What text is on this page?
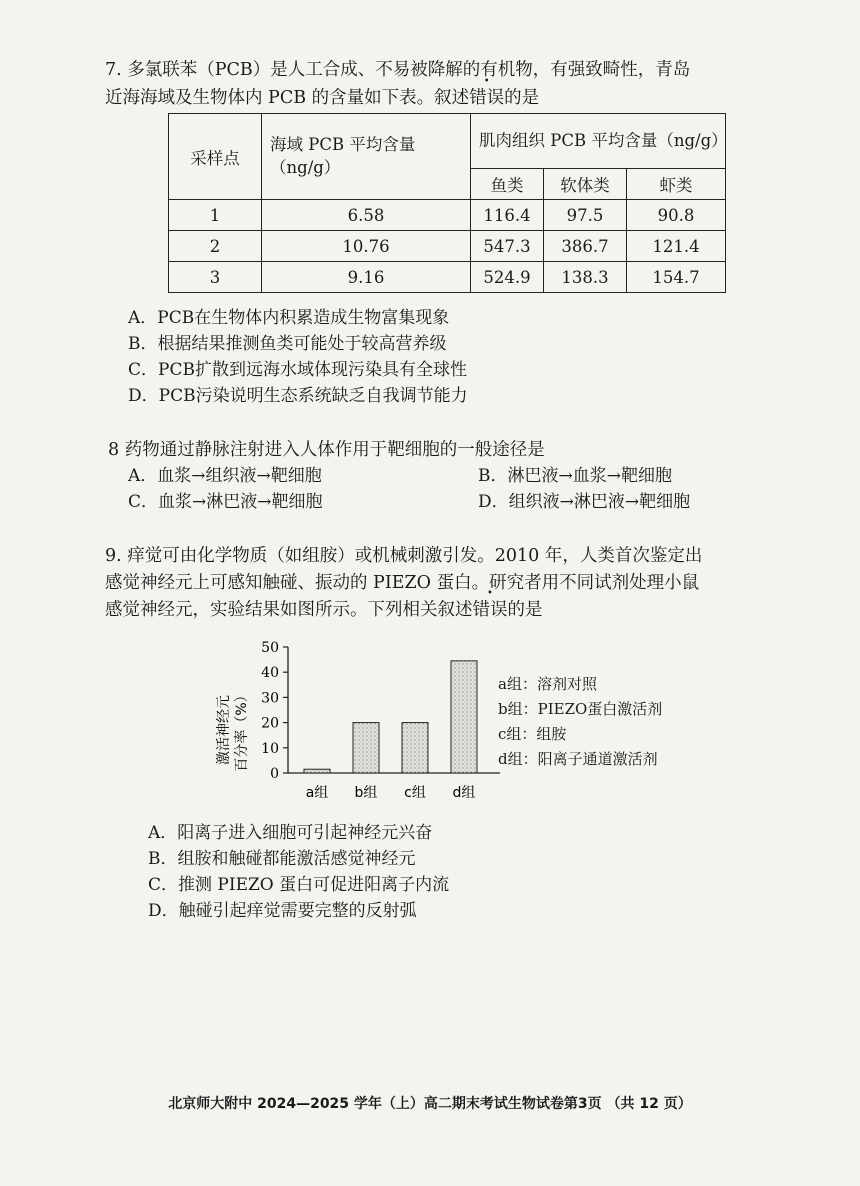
7. 多氯联苯（PCB）是人工合成、不易被降解的有机物，有强致畸性，青岛
近海海域及生物体内 PCB 的含量如下表。叙述错误的是
采样点	海域 PCB 平均含量（ng/g）	肌肉组织 PCB 平均含量（ng/g）		
		鱼类	软体类	虾类
1	6.58	116.4	97.5	90.8
2	10.76	547.3	386.7	121.4
3	9.16	524.9	138.3	154.7
A．PCB在生物体内积累造成生物富集现象
B．根据结果推测鱼类可能处于较高营养级
C．PCB扩散到远海水域体现污染具有全球性
D．PCB污染说明生态系统缺乏自我调节能力
8 药物通过静脉注射进入人体作用于靶细胞的一般途径是
A．血浆→组织液→靶细胞	B．淋巴液→血浆→靶细胞
C．血浆→淋巴液→靶细胞	D．组织液→淋巴液→靶细胞
9. 痒觉可由化学物质（如组胺）或机械刺激引发。2010 年，人类首次鉴定出
感觉神经元上可感知触碰、振动的 PIEZO 蛋白。研究者用不同试剂处理小鼠
感觉神经元，实验结果如图所示。下列相关叙述错误的是
激活神经元 百分率（%）
0
10
20
30
40
50
a组 b组 c组 d组
a组：溶剂对照
b组：PIEZO蛋白激活剂
c组：组胺
d组：阳离子通道激活剂
A．阳离子进入细胞可引起神经元兴奋
B．组胺和触碰都能激活感觉神经元
C．推测 PIEZO 蛋白可促进阳离子内流
D．触碰引起痒觉需要完整的反射弧
北京师大附中 2024—2025 学年（上）高二期末考试生物试卷第3页 （共 12 页）
